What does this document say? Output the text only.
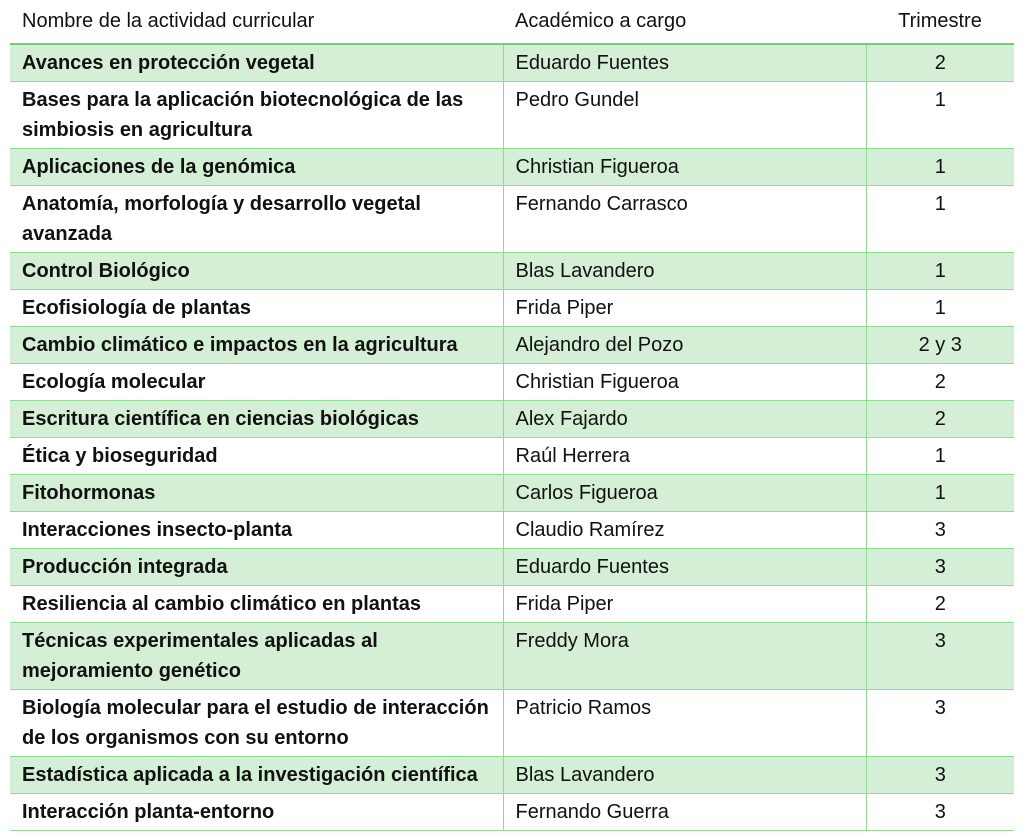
Nombre de la actividad curricular	Académico a cargo	Trimestre
Avances en protección vegetal	Eduardo Fuentes	2
Bases para la aplicación biotecnológica de las simbiosis en agricultura	Pedro Gundel	1
Aplicaciones de la genómica	Christian Figueroa	1
Anatomía, morfología y desarrollo vegetal avanzada	Fernando Carrasco	1
Control Biológico	Blas Lavandero	1
Ecofisiología de plantas	Frida Piper	1
Cambio climático e impactos en la agricultura	Alejandro del Pozo	2 y 3
Ecología molecular	Christian Figueroa	2
Escritura científica en ciencias biológicas	Alex Fajardo	2
Ética y bioseguridad	Raúl Herrera	1
Fitohormonas	Carlos Figueroa	1
Interacciones insecto-planta	Claudio Ramírez	3
Producción integrada	Eduardo Fuentes	3
Resiliencia al cambio climático en plantas	Frida Piper	2
Técnicas experimentales aplicadas al mejoramiento genético	Freddy Mora	3
Biología molecular para el estudio de interacción de los organismos con su entorno	Patricio Ramos	3
Estadística aplicada a la investigación científica	Blas Lavandero	3
Interacción planta-entorno	Fernando Guerra	3
